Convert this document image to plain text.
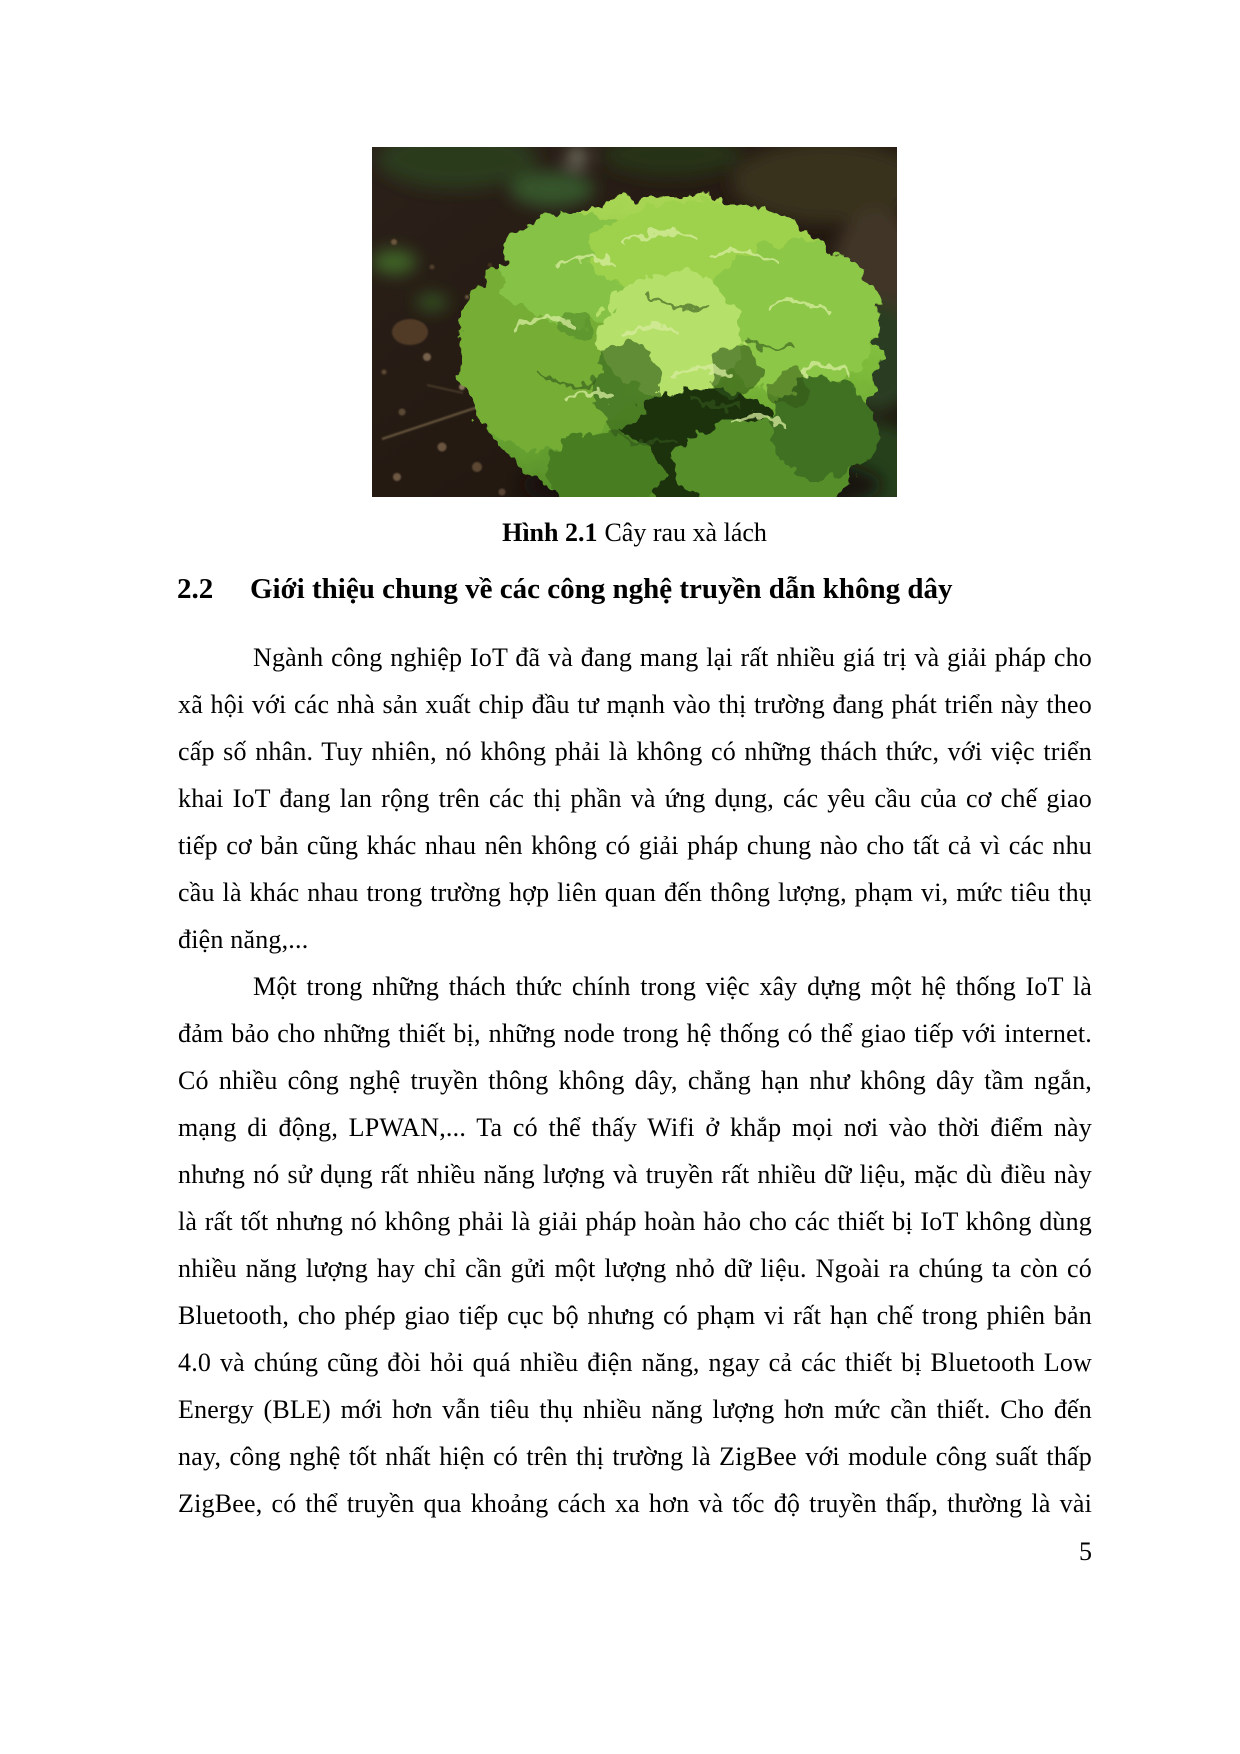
Hình 2.1 Cây rau xà lách
2.2 Giới thiệu chung về các công nghệ truyền dẫn không dây

Ngành công nghiệp IoT đã và đang mang lại rất nhiều giá trị và giải pháp cho xã hội với các nhà sản xuất chip đầu tư mạnh vào thị trường đang phát triển này theo cấp số nhân. Tuy nhiên, nó không phải là không có những thách thức, với việc triển khai IoT đang lan rộng trên các thị phần và ứng dụng, các yêu cầu của cơ chế giao tiếp cơ bản cũng khác nhau nên không có giải pháp chung nào cho tất cả vì các nhu cầu là khác nhau trong trường hợp liên quan đến thông lượng, phạm vi, mức tiêu thụ điện năng,...

Một trong những thách thức chính trong việc xây dựng một hệ thống IoT là đảm bảo cho những thiết bị, những node trong hệ thống có thể giao tiếp với internet. Có nhiều công nghệ truyền thông không dây, chẳng hạn như không dây tầm ngắn, mạng di động, LPWAN,... Ta có thể thấy Wifi ở khắp mọi nơi vào thời điểm này nhưng nó sử dụng rất nhiều năng lượng và truyền rất nhiều dữ liệu, mặc dù điều này là rất tốt nhưng nó không phải là giải pháp hoàn hảo cho các thiết bị IoT không dùng nhiều năng lượng hay chỉ cần gửi một lượng nhỏ dữ liệu. Ngoài ra chúng ta còn có Bluetooth, cho phép giao tiếp cục bộ nhưng có phạm vi rất hạn chế trong phiên bản 4.0 và chúng cũng đòi hỏi quá nhiều điện năng, ngay cả các thiết bị Bluetooth Low Energy (BLE) mới hơn vẫn tiêu thụ nhiều năng lượng hơn mức cần thiết. Cho đến nay, công nghệ tốt nhất hiện có trên thị trường là ZigBee với module công suất thấp ZigBee, có thể truyền qua khoảng cách xa hơn và tốc độ truyền thấp, thường là vài

5
